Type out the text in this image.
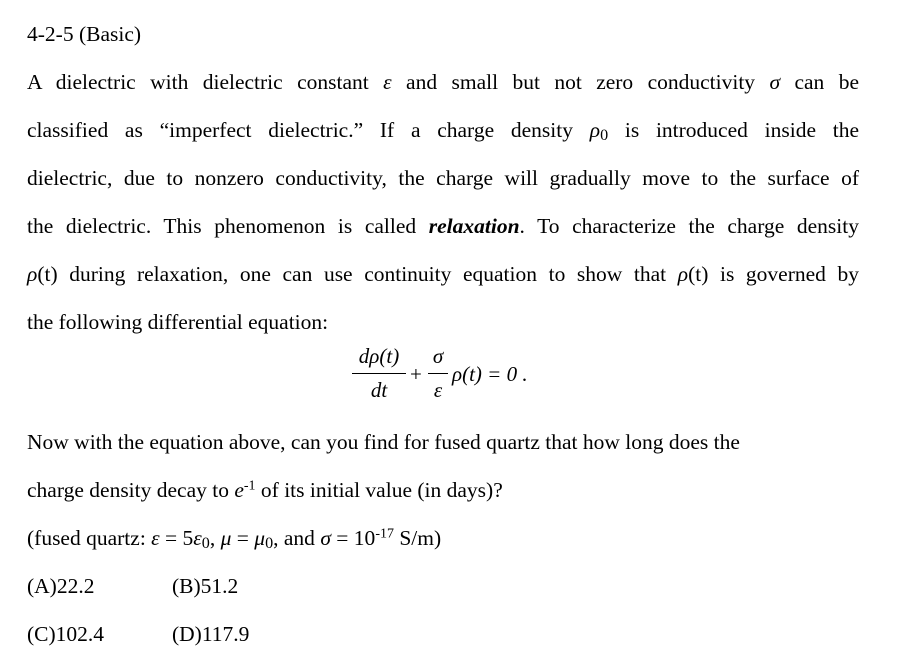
4-2-5 (Basic)
A dielectric with dielectric constant ε and small but not zero conductivity σ can be
classified as “imperfect dielectric.” If a charge density $\rho_0$ is introduced inside the
dielectric, due to nonzero conductivity, the charge will gradually move to the surface of
the dielectric. This phenomenon is called relaxation. To characterize the charge density
ρ(t) during relaxation, one can use continuity equation to show that ρ(t) is governed by
the following differential equation:
Now with the equation above, can you find for fused quartz that how long does the
charge density decay to $e^{-1}$ of its initial value (in days)?
(fused quartz: $\varepsilon = 5\varepsilon_0$, $\mu = \mu_0$, and $\sigma = 10^{-17}$ S/m)
(A)22.2	(B)51.2
(C)102.4	(D)117.9
dρ(t)
dt
+
σ
ε
ρ(t) = 0 .
